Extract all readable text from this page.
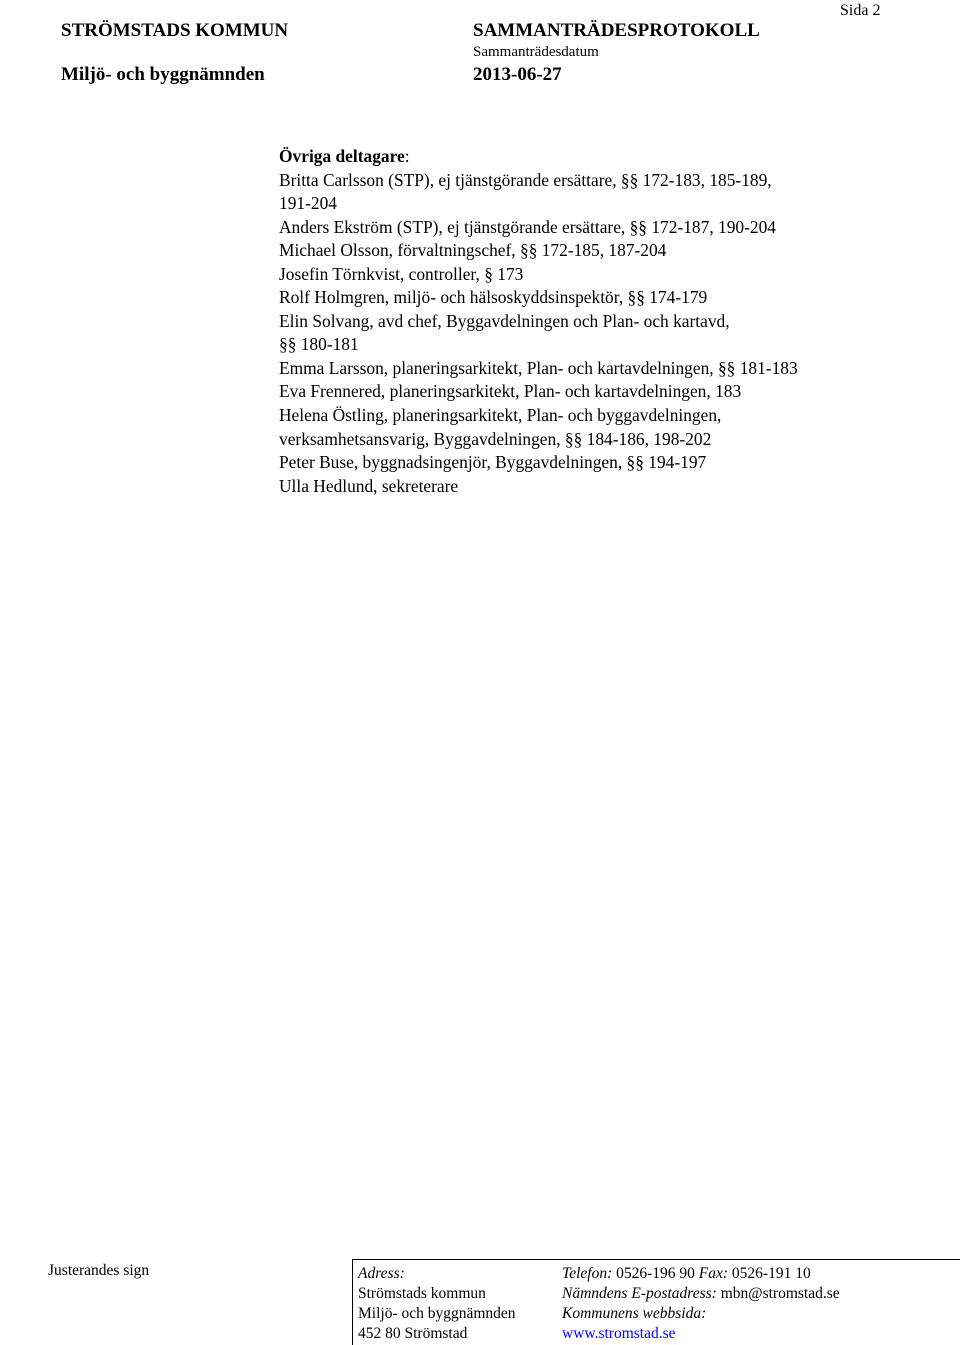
STRÖMSTADS KOMMUN
Miljö- och byggnämnden
SAMMANTRÄDESPROTOKOLL
Sammanträdesdatum
2013-06-27
Sida 2
Övriga deltagare:
Britta Carlsson (STP), ej tjänstgörande ersättare, §§ 172-183, 185-189,
191-204
Anders Ekström (STP), ej tjänstgörande ersättare, §§ 172-187, 190-204
Michael Olsson, förvaltningschef, §§ 172-185, 187-204
Josefin Törnkvist, controller, § 173
Rolf Holmgren, miljö- och hälsoskyddsinspektör, §§ 174-179
Elin Solvang, avd chef, Byggavdelningen och Plan- och kartavd,
§§ 180-181
Emma Larsson, planeringsarkitekt, Plan- och kartavdelningen, §§ 181-183
Eva Frennered, planeringsarkitekt, Plan- och kartavdelningen, 183
Helena Östling, planeringsarkitekt, Plan- och byggavdelningen,
verksamhetsansvarig, Byggavdelningen, §§ 184-186, 198-202
Peter Buse, byggnadsingenjör, Byggavdelningen, §§ 194-197
Ulla Hedlund, sekreterare
Justerandes sign	Adress:
Strömstads kommun
Miljö- och byggnämnden
452 80 Strömstad
Telefon: 0526-196 90 Fax: 0526-191 10
Nämndens E-postadress: mbn@stromstad.se
Kommunens webbsida:
www.stromstad.se
